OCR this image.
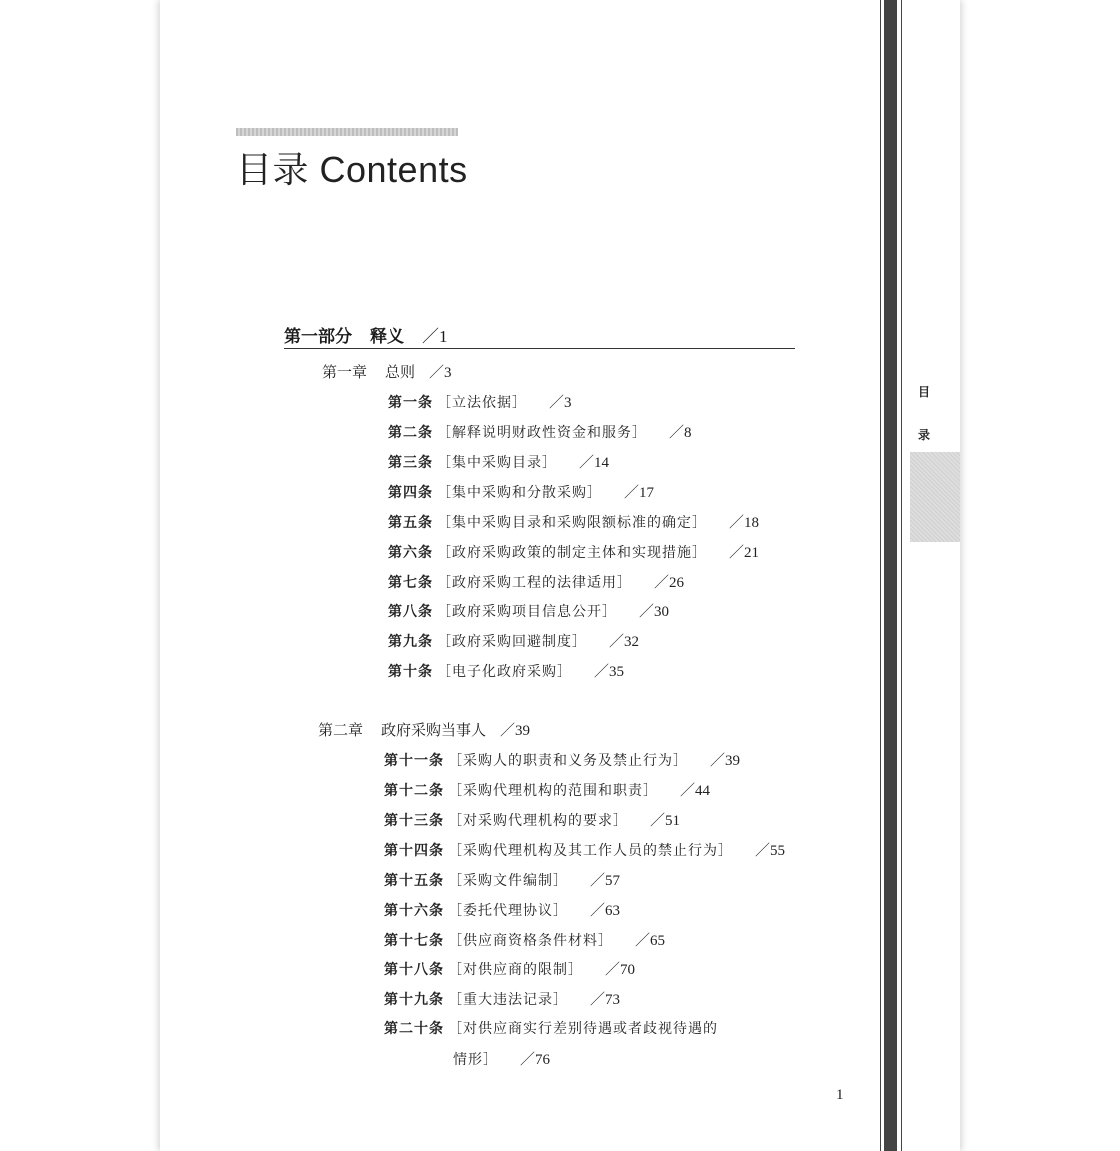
目录 Contents
第一部分 释义 ／1
第一章 总则 ／3
第一条 ［立法依据］ ／3
第二条 ［解释说明财政性资金和服务］ ／8
第三条 ［集中采购目录］ ／14
第四条 ［集中采购和分散采购］ ／17
第五条 ［集中采购目录和采购限额标准的确定］ ／18
第六条 ［政府采购政策的制定主体和实现措施］ ／21
第七条 ［政府采购工程的法律适用］ ／26
第八条 ［政府采购项目信息公开］ ／30
第九条 ［政府采购回避制度］ ／32
第十条 ［电子化政府采购］ ／35
第二章 政府采购当事人 ／39
第十一条 ［采购人的职责和义务及禁止行为］ ／39
第十二条 ［采购代理机构的范围和职责］ ／44
第十三条 ［对采购代理机构的要求］ ／51
第十四条 ［采购代理机构及其工作人员的禁止行为］ ／55
第十五条 ［采购文件编制］ ／57
第十六条 ［委托代理协议］ ／63
第十七条 ［供应商资格条件材料］ ／65
第十八条 ［对供应商的限制］ ／70
第十九条 ［重大违法记录］ ／73
第二十条 ［对供应商实行差别待遇或者歧视待遇的
情形］ ／76
1
目
录
